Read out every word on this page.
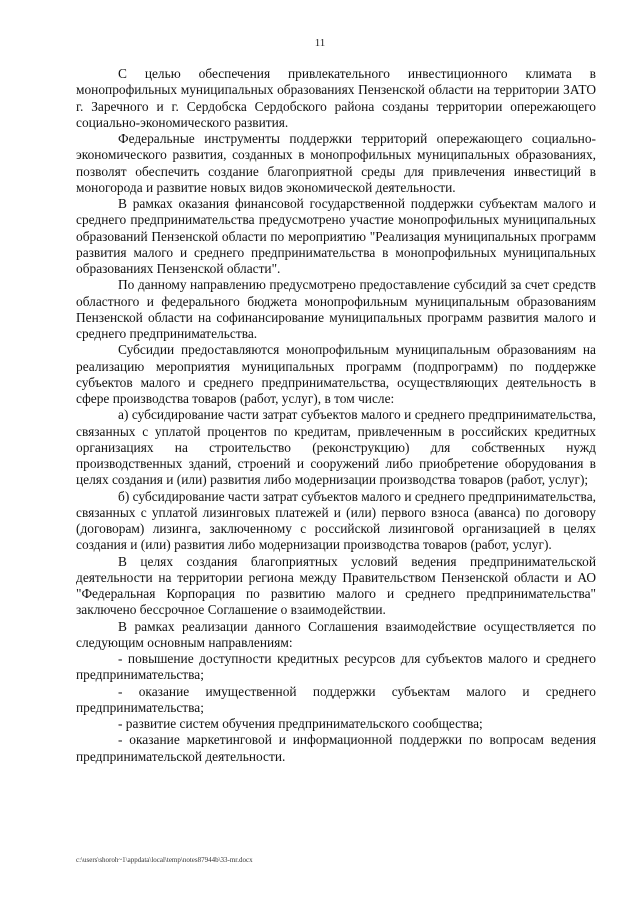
11

С целью обеспечения привлекательного инвестиционного климата в монопрофильных муниципальных образованиях Пензенской области на территории ЗАТО г. Заречного и г. Сердобска Сердобского района созданы территории опережающего социально-экономического развития.

Федеральные инструменты поддержки территорий опережающего социально-экономического развития, созданных в монопрофильных муниципальных образованиях, позволят обеспечить создание благоприятной среды для привлечения инвестиций в моногорода и развитие новых видов экономической деятельности.

В рамках оказания финансовой государственной поддержки субъектам малого и среднего предпринимательства предусмотрено участие монопрофильных муниципальных образований Пензенской области по мероприятию "Реализация муниципальных программ развития малого и среднего предпринимательства в монопрофильных муниципальных образованиях Пензенской области".

По данному направлению предусмотрено предоставление субсидий за счет средств областного и федерального бюджета монопрофильным муниципальным образованиям Пензенской области на софинансирование муниципальных программ развития малого и среднего предпринимательства.

Субсидии предоставляются монопрофильным муниципальным образованиям на реализацию мероприятия муниципальных программ (подпрограмм) по поддержке субъектов малого и среднего предпринимательства, осуществляющих деятельность в сфере производства товаров (работ, услуг), в том числе:

а) субсидирование части затрат субъектов малого и среднего предпринимательства, связанных с уплатой процентов по кредитам, привлеченным в российских кредитных организациях на строительство (реконструкцию) для собственных нужд производственных зданий, строений и сооружений либо приобретение оборудования в целях создания и (или) развития либо модернизации производства товаров (работ, услуг);

б) субсидирование части затрат субъектов малого и среднего предпринимательства, связанных с уплатой лизинговых платежей и (или) первого взноса (аванса) по договору (договорам) лизинга, заключенному с российской лизинговой организацией в целях создания и (или) развития либо модернизации производства товаров (работ, услуг).

В целях создания благоприятных условий ведения предпринимательской деятельности на территории региона между Правительством Пензенской области и АО "Федеральная Корпорация по развитию малого и среднего предпринимательства" заключено бессрочное Соглашение о взаимодействии.

В рамках реализации данного Соглашения взаимодействие осуществляется по следующим основным направлениям:

- повышение доступности кредитных ресурсов для субъектов малого и среднего предпринимательства;

- оказание имущественной поддержки субъектам малого и среднего предпринимательства;

- развитие систем обучения предпринимательского сообщества;

- оказание маркетинговой и информационной поддержки по вопросам ведения предпринимательской деятельности.

c:\users\shoroh~1\appdata\local\temp\notes87944b\33-mr.docx
